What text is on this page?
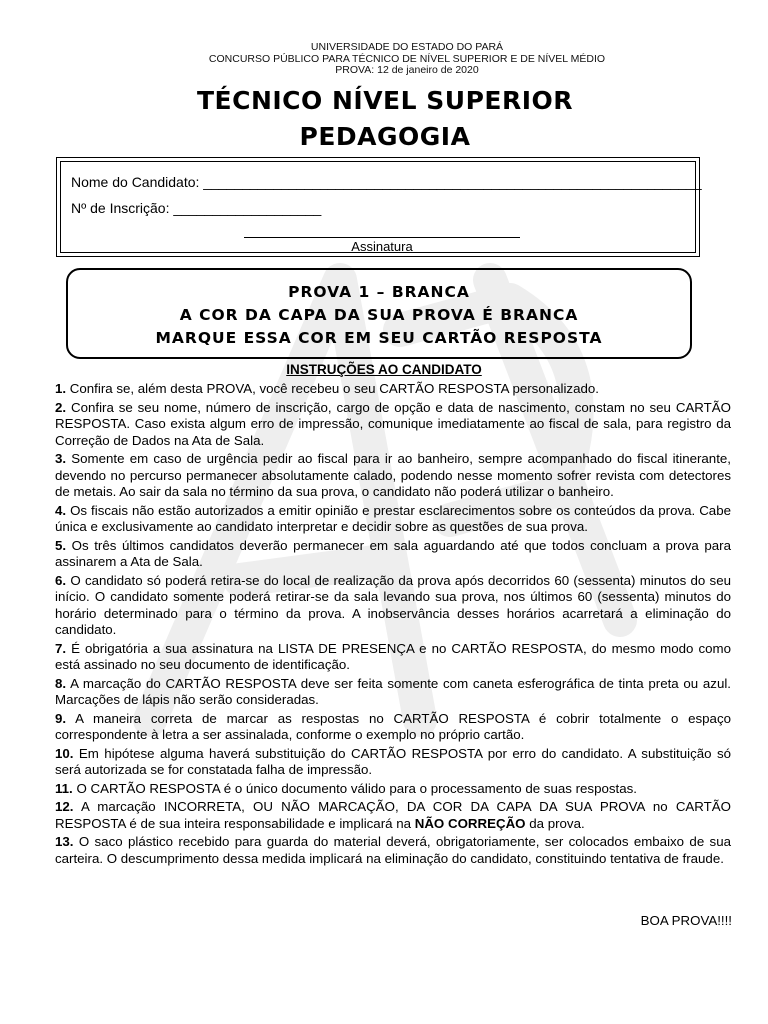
UNIVERSIDADE DO ESTADO DO PARÁ
CONCURSO PÚBLICO PARA TÉCNICO DE NÍVEL SUPERIOR E DE NÍVEL MÉDIO
PROVA: 12 de janeiro de 2020
TÉCNICO NÍVEL SUPERIOR
PEDAGOGIA
Nome do Candidato: ________________________________________________________________
Nº de Inscrição: ___________________
Assinatura
PROVA 1 – BRANCA
A COR DA CAPA DA SUA PROVA É BRANCA
MARQUE ESSA COR EM SEU CARTÃO RESPOSTA
INSTRUÇÕES AO CANDIDATO

1. Confira se, além desta PROVA, você recebeu o seu CARTÃO RESPOSTA personalizado.

2. Confira se seu nome, número de inscrição, cargo de opção e data de nascimento, constam no seu CARTÃO RESPOSTA. Caso exista algum erro de impressão, comunique imediatamente ao fiscal de sala, para registro da Correção de Dados na Ata de Sala.

3. Somente em caso de urgência pedir ao fiscal para ir ao banheiro, sempre acompanhado do fiscal itinerante, devendo no percurso permanecer absolutamente calado, podendo nesse momento sofrer revista com detectores de metais. Ao sair da sala no término da sua prova, o candidato não poderá utilizar o banheiro.

4. Os fiscais não estão autorizados a emitir opinião e prestar esclarecimentos sobre os conteúdos da prova. Cabe única e exclusivamente ao candidato interpretar e decidir sobre as questões de sua prova.

5. Os três últimos candidatos deverão permanecer em sala aguardando até que todos concluam a prova para assinarem a Ata de Sala.

6. O candidato só poderá retira-se do local de realização da prova após decorridos 60 (sessenta) minutos do seu início. O candidato somente poderá retirar-se da sala levando sua prova, nos últimos 60 (sessenta) minutos do horário determinado para o término da prova. A inobservância desses horários acarretará a eliminação do candidato.

7. É obrigatória a sua assinatura na LISTA DE PRESENÇA e no CARTÃO RESPOSTA, do mesmo modo como está assinado no seu documento de identificação.

8. A marcação do CARTÃO RESPOSTA deve ser feita somente com caneta esferográfica de tinta preta ou azul. Marcações de lápis não serão consideradas.

9. A maneira correta de marcar as respostas no CARTÃO RESPOSTA é cobrir totalmente o espaço correspondente à letra a ser assinalada, conforme o exemplo no próprio cartão.

10. Em hipótese alguma haverá substituição do CARTÃO RESPOSTA por erro do candidato. A substituição só será autorizada se for constatada falha de impressão.

11. O CARTÃO RESPOSTA é o único documento válido para o processamento de suas respostas.

12. A marcação INCORRETA, OU NÃO MARCAÇÃO, DA COR DA CAPA DA SUA PROVA no CARTÃO RESPOSTA é de sua inteira responsabilidade e implicará na NÃO CORREÇÃO da prova.

13. O saco plástico recebido para guarda do material deverá, obrigatoriamente, ser colocados embaixo de sua carteira. O descumprimento dessa medida implicará na eliminação do candidato, constituindo tentativa de fraude.

BOA PROVA!!!!
